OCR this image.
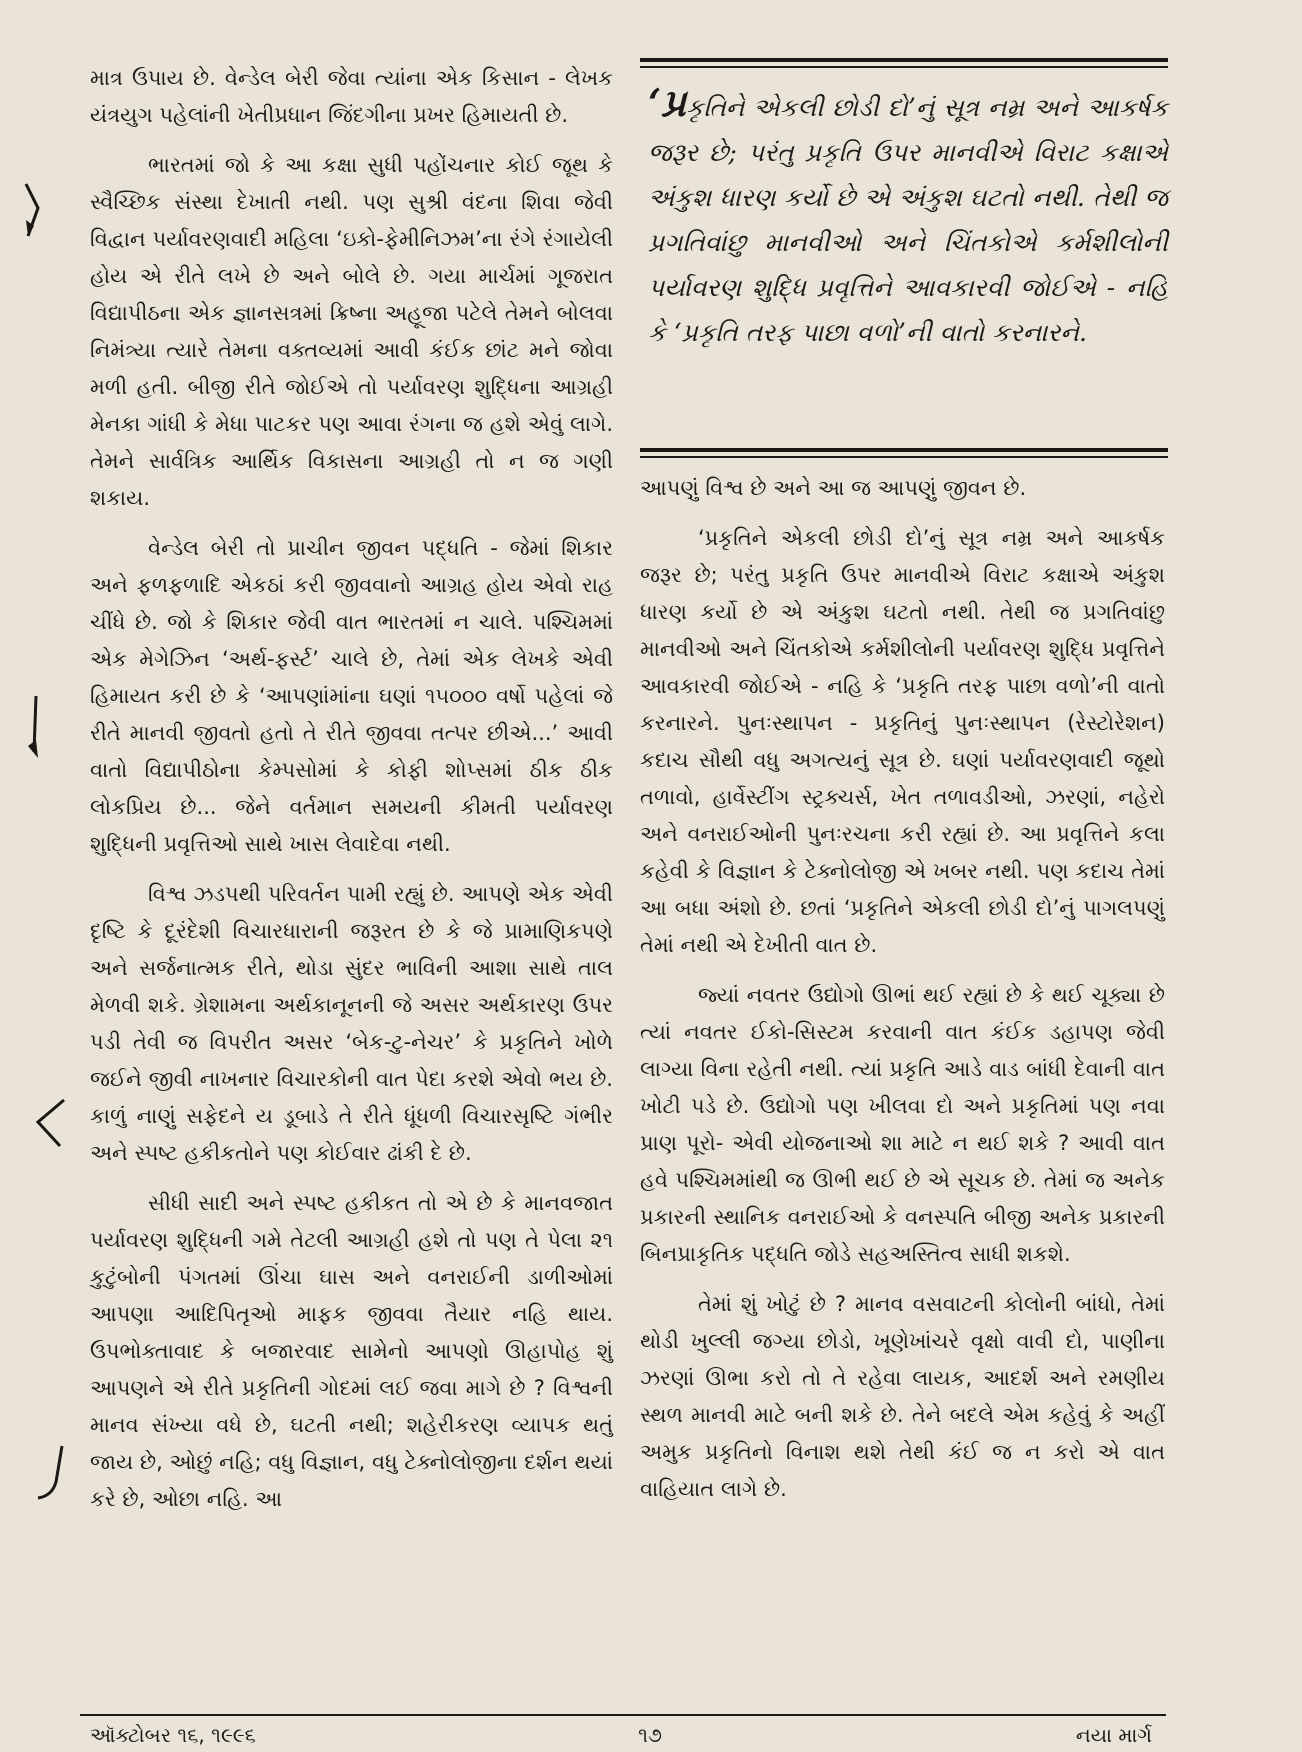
માત્ર ઉપાય છે. વેન્ડેલ બેરી જેવા ત્યાંના એક કિસાન - લેખક યંત્રયુગ પહેલાંની ખેતીપ્રધાન જિંદગીના પ્રખર હિમાયતી છે.

ભારતમાં જો કે આ કક્ષા સુધી પહોંચનાર કોઈ જૂથ કે સ્વૈચ્છિક સંસ્થા દેખાતી નથી. પણ સુશ્રી વંદના શિવા જેવી વિદ્વાન પર્યાવરણવાદી મહિલા ‘ઇકો-ફેમીનિઝમ’ના રંગે રંગાયેલી હોય એ રીતે લખે છે અને બોલે છે. ગયા માર્ચમાં ગૂજરાત વિદ્યાપીઠના એક જ્ઞાનસત્રમાં ક્રિષ્ના અહૂજા પટેલે તેમને બોલવા નિમંત્ર્યા ત્યારે તેમના વક્તવ્યમાં આવી કંઈક છાંટ મને જોવા મળી હતી. બીજી રીતે જોઈએ તો પર્યાવરણ શુદ્ધિના આગ્રહી મેનકા ગાંધી કે મેધા પાટકર પણ આવા રંગના જ હશે એવું લાગે. તેમને સાર્વત્રિક આર્થિક વિકાસના આગ્રહી તો ન જ ગણી શકાય.

વેન્ડેલ બેરી તો પ્રાચીન જીવન પદ્ધતિ - જેમાં શિકાર અને ફળફળાદિ એકઠાં કરી જીવવાનો આગ્રહ હોય એવો રાહ ચીંધે છે. જો કે શિકાર જેવી વાત ભારતમાં ન ચાલે. પશ્ચિમમાં એક મેગેઝિન ‘અર્થ-ફર્સ્ટ’ ચાલે છે, તેમાં એક લેખકે એવી હિમાયત કરી છે કે ‘આપણાંમાંના ઘણાં ૧૫૦૦૦ વર્ષો પહેલાં જે રીતે માનવી જીવતો હતો તે રીતે જીવવા તત્પર છીએ...’ આવી વાતો વિદ્યાપીઠોના કેમ્પસોમાં કે કોફી શોપ્સમાં ઠીક ઠીક લોકપ્રિય છે... જેને વર્તમાન સમયની કીમતી પર્યાવરણ શુદ્ધિની પ્રવૃત્તિઓ સાથે ખાસ લેવાદેવા નથી.

વિશ્વ ઝડપથી પરિવર્તન પામી રહ્યું છે. આપણે એક એવી દૃષ્ટિ કે દૂરંદેશી વિચારધારાની જરૂરત છે કે જે પ્રામાણિકપણે અને સર્જનાત્મક રીતે, થોડા સુંદર ભાવિની આશા સાથે તાલ મેળવી શકે. ગ્રેશામના અર્થકાનૂનની જે અસર અર્થકારણ ઉપર પડી તેવી જ વિપરીત અસર ‘બેક-ટુ-નેચર’ કે પ્રકૃતિને ખોળે જઈને જીવી નાખનાર વિચારકોની વાત પેદા કરશે એવો ભય છે. કાળું નાણું સફેદને ય ડૂબાડે તે રીતે ધૂંધળી વિચારસૃષ્ટિ ગંભીર અને સ્પષ્ટ હકીકતોને પણ કોઈવાર ઢાંકી દે છે.

સીધી સાદી અને સ્પષ્ટ હકીકત તો એ છે કે માનવજાત પર્યાવરણ શુદ્ધિની ગમે તેટલી આગ્રહી હશે તો પણ તે પેલા ૨૧ કુટુંબોની પંગતમાં ઊંચા ઘાસ અને વનરાઈની ડાળીઓમાં આપણા આદિપિતૃઓ માફક જીવવા તૈયાર નહિ થાય. ઉપભોક્તાવાદ કે બજારવાદ સામેનો આપણો ઊહાપોહ શું આપણને એ રીતે પ્રકૃતિની ગોદમાં લઈ જવા માગે છે ? વિશ્વની માનવ સંખ્યા વધે છે, ઘટતી નથી; શહેરીકરણ વ્યાપક થતું જાય છે, ઓછું નહિ; વધુ વિજ્ઞાન, વધુ ટેક્નોલોજીના દર્શન થયાં કરે છે, ઓછા નહિ. આ

‘પ્રકૃતિને એકલી છોડી દો’નું સૂત્ર નમ્ર અને આકર્ષક જરૂર છે; પરંતુ પ્રકૃતિ ઉપર માનવીએ વિરાટ કક્ષાએ અંકુશ ધારણ કર્યો છે એ અંકુશ ઘટતો નથી. તેથી જ પ્રગતિવાંછુ માનવીઓ અને ચિંતકોએ કર્મશીલોની પર્યાવરણ શુદ્ધિ પ્રવૃત્તિને આવકારવી જોઈએ - નહિ કે ‘પ્રકૃતિ તરફ પાછા વળો’ની વાતો કરનારને.

આપણું વિશ્વ છે અને આ જ આપણું જીવન છે.

‘પ્રકૃતિને એકલી છોડી દો’નું સૂત્ર નમ્ર અને આકર્ષક જરૂર છે; પરંતુ પ્રકૃતિ ઉપર માનવીએ વિરાટ કક્ષાએ અંકુશ ધારણ કર્યો છે એ અંકુશ ઘટતો નથી. તેથી જ પ્રગતિવાંછુ માનવીઓ અને ચિંતકોએ કર્મશીલોની પર્યાવરણ શુદ્ધિ પ્રવૃત્તિને આવકારવી જોઈએ - નહિ કે ‘પ્રકૃતિ તરફ પાછા વળો’ની વાતો કરનારને. પુનઃસ્થાપન - પ્રકૃતિનું પુનઃસ્થાપન (રેસ્ટોરેશન) કદાચ સૌથી વધુ અગત્યનું સૂત્ર છે. ઘણાં પર્યાવરણવાદી જૂથો તળાવો, હાર્વેસ્ટીંગ સ્ટ્રક્ચર્સ, ખેત તળાવડીઓ, ઝરણાં, નહેરો અને વનરાઈઓની પુનઃરચના કરી રહ્યાં છે. આ પ્રવૃત્તિને કલા કહેવી કે વિજ્ઞાન કે ટેક્નોલોજી એ ખબર નથી. પણ કદાચ તેમાં આ બધા અંશો છે. છતાં ‘પ્રકૃતિને એકલી છોડી દો’નું પાગલપણું તેમાં નથી એ દેખીતી વાત છે.

જ્યાં નવતર ઉદ્યોગો ઊભાં થઈ રહ્યાં છે કે થઈ ચૂક્યા છે ત્યાં નવતર ઈકો-સિસ્ટમ કરવાની વાત કંઈક ડહાપણ જેવી લાગ્યા વિના રહેતી નથી. ત્યાં પ્રકૃતિ આડે વાડ બાંધી દેવાની વાત ખોટી પડે છે. ઉદ્યોગો પણ ખીલવા દો અને પ્રકૃતિમાં પણ નવા પ્રાણ પૂરો- એવી યોજનાઓ શા માટે ન થઈ શકે ? આવી વાત હવે પશ્ચિમમાંથી જ ઊભી થઈ છે એ સૂચક છે. તેમાં જ અનેક પ્રકારની સ્થાનિક વનરાઈઓ કે વનસ્પતિ બીજી અનેક પ્રકારની બિનપ્રાકૃતિક પદ્ધતિ જોડે સહઅસ્તિત્વ સાધી શકશે.

તેમાં શું ખોટું છે ? માનવ વસવાટની કોલોની બાંધો, તેમાં થોડી ખુલ્લી જગ્યા છોડો, ખૂણેખાંચરે વૃક્ષો વાવી દો, પાણીના ઝરણાં ઊભા કરો તો તે રહેવા લાયક, આદર્શ અને રમણીય સ્થળ માનવી માટે બની શકે છે. તેને બદલે એમ કહેવું કે અહીં અમુક પ્રકૃતિનો વિનાશ થશે તેથી કંઈ જ ન કરો એ વાત વાહિયાત લાગે છે.

ઑક્ટોબર ૧૬, ૧૯૯૬	૧૭	નયા માર્ગ
